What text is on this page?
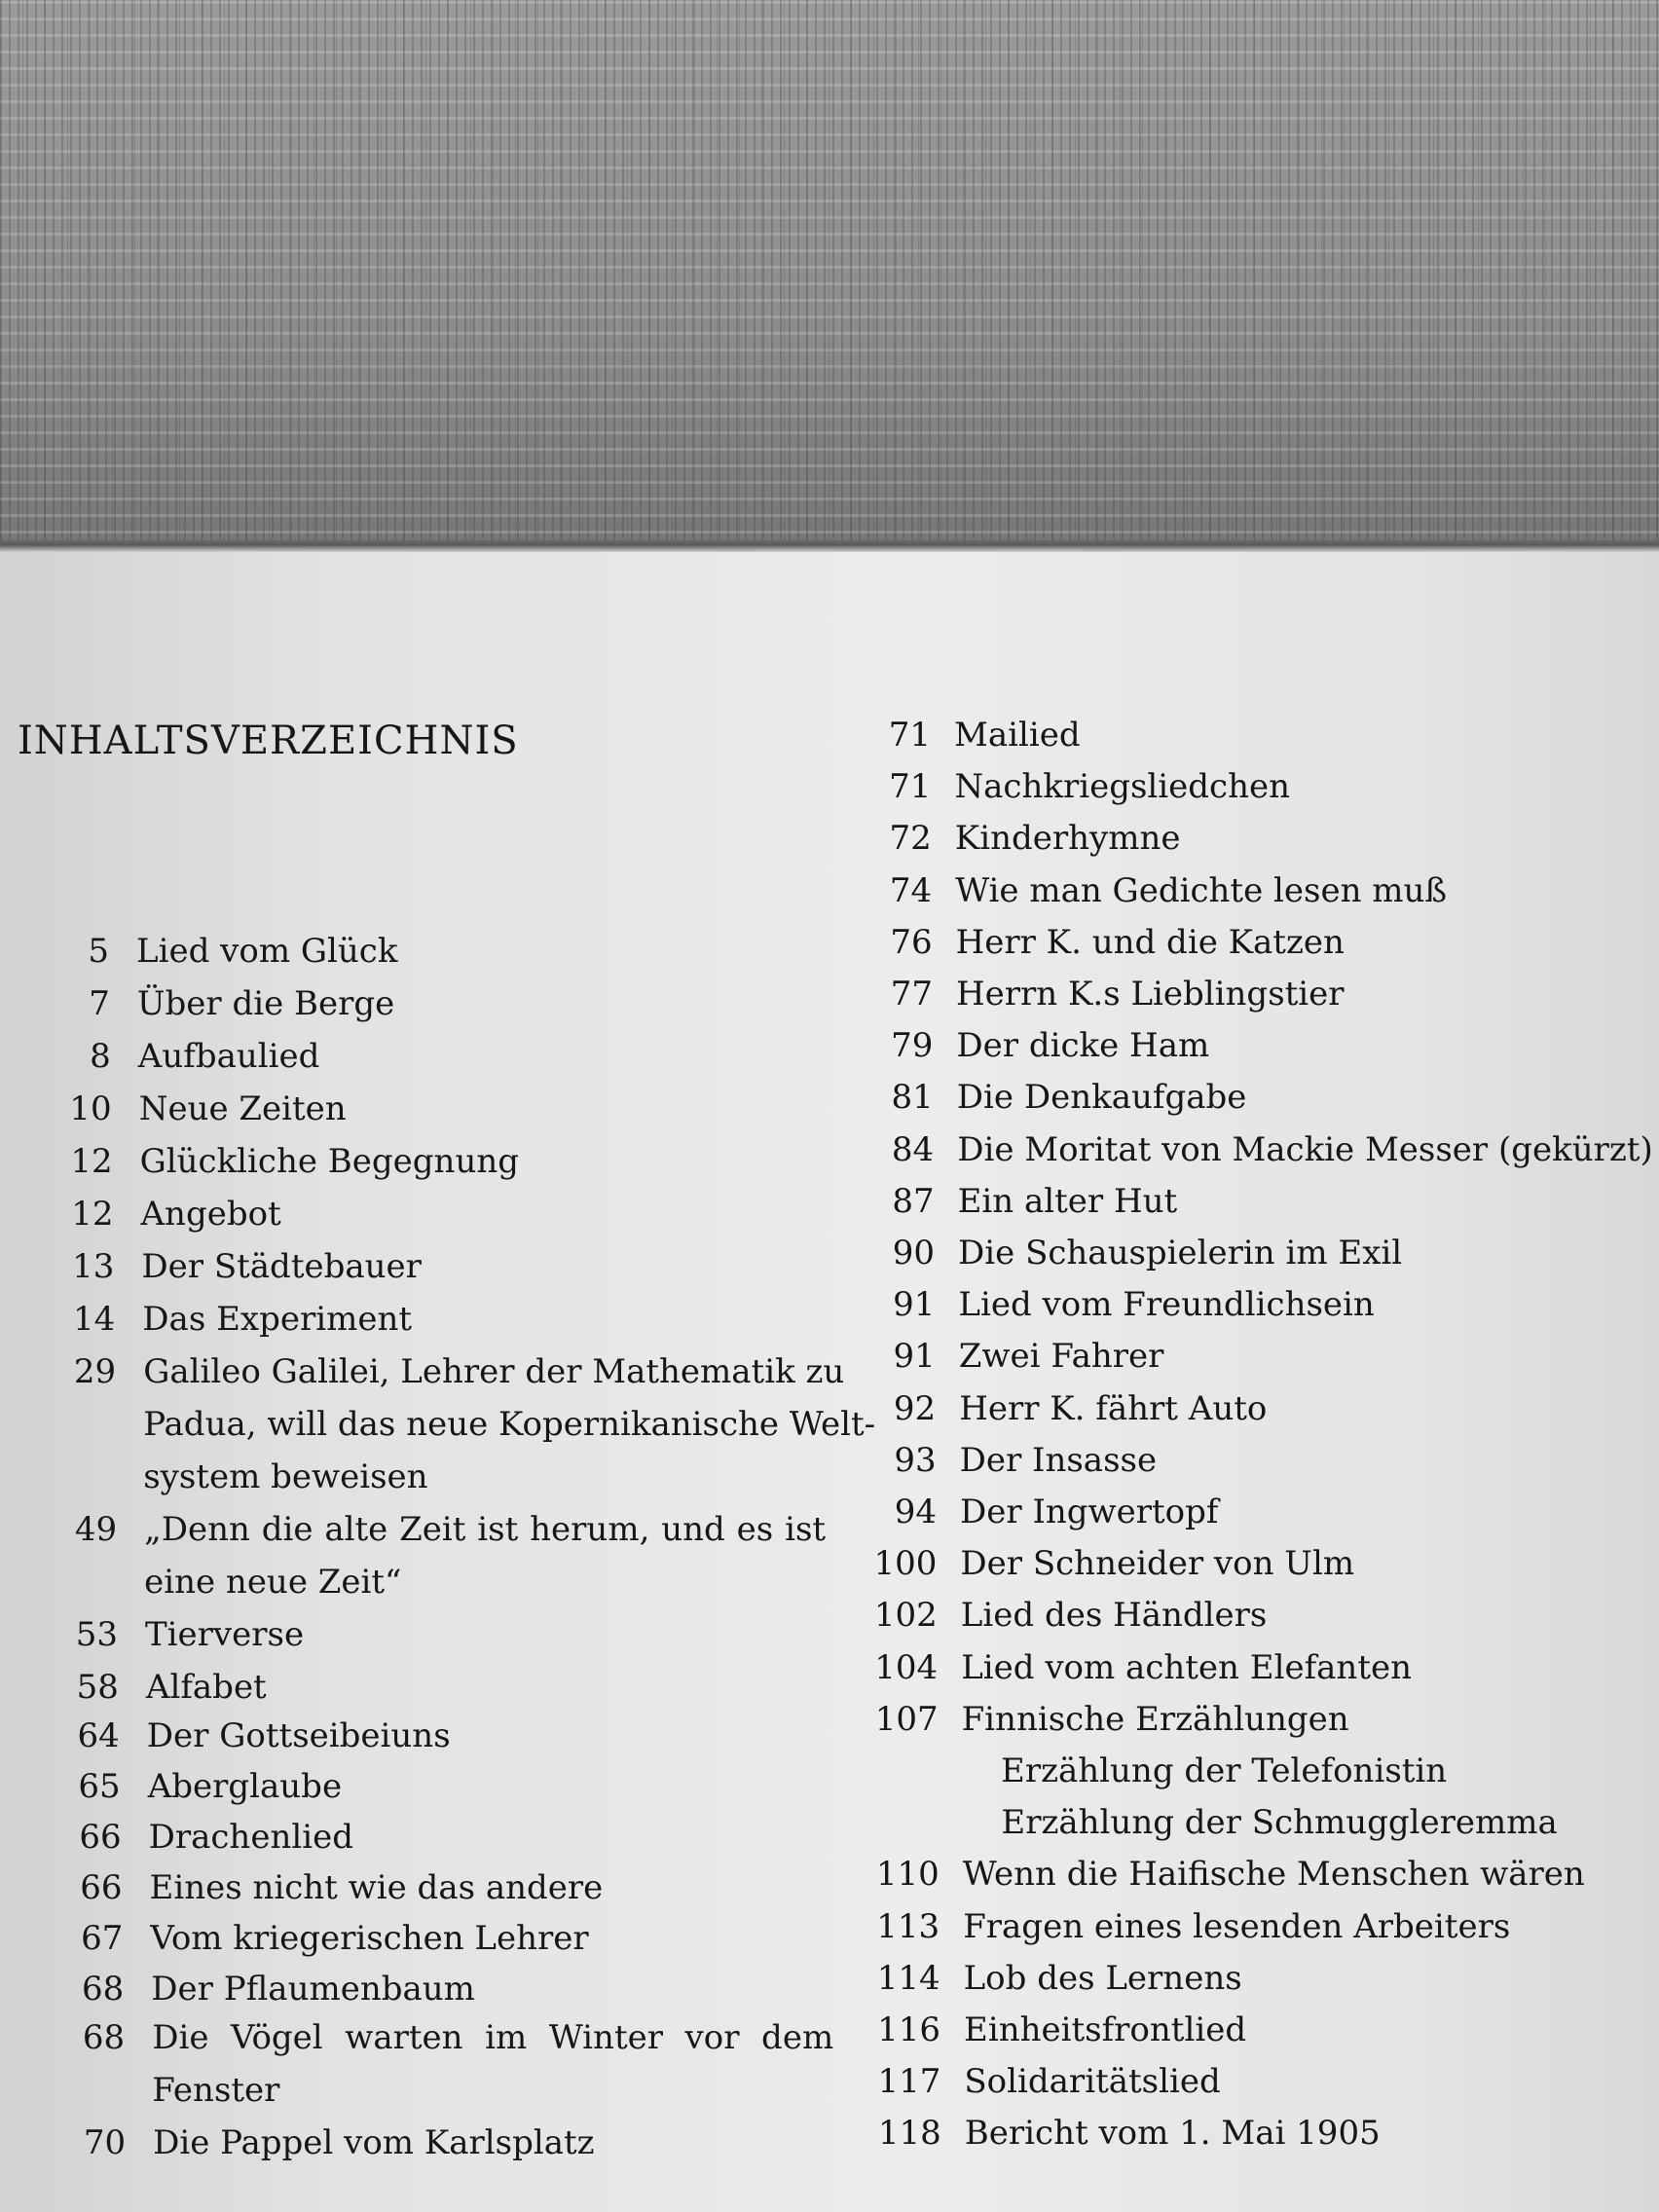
INHALTSVERZEICHNIS
5 Lied vom Glück
7 Über die Berge
8 Aufbaulied
10 Neue Zeiten
12 Glückliche Begegnung
12 Angebot
13 Der Städtebauer
14 Das Experiment
29 Galileo Galilei, Lehrer der Mathematik zu
Padua, will das neue Kopernikanische Welt-
system beweisen
49 „Denn die alte Zeit ist herum, und es ist
eine neue Zeit“
53 Tierverse
58 Alfabet
64 Der Gottseibeiuns
65 Aberglaube
66 Drachenlied
66 Eines nicht wie das andere
67 Vom kriegerischen Lehrer
68 Der Pflaumenbaum
68 Die Vögel warten im Winter vor dem
Fenster
70 Die Pappel vom Karlsplatz
71 Mailied
71 Nachkriegsliedchen
72 Kinderhymne
74 Wie man Gedichte lesen muß
76 Herr K. und die Katzen
77 Herrn K.s Lieblingstier
79 Der dicke Ham
81 Die Denkaufgabe
84 Die Moritat von Mackie Messer (gekürzt)
87 Ein alter Hut
90 Die Schauspielerin im Exil
91 Lied vom Freundlichsein
91 Zwei Fahrer
92 Herr K. fährt Auto
93 Der Insasse
94 Der Ingwertopf
100 Der Schneider von Ulm
102 Lied des Händlers
104 Lied vom achten Elefanten
107 Finnische Erzählungen
Erzählung der Telefonistin
Erzählung der Schmuggleremma
110 Wenn die Haifische Menschen wären
113 Fragen eines lesenden Arbeiters
114 Lob des Lernens
116 Einheitsfrontlied
117 Solidaritätslied
118 Bericht vom 1. Mai 1905
